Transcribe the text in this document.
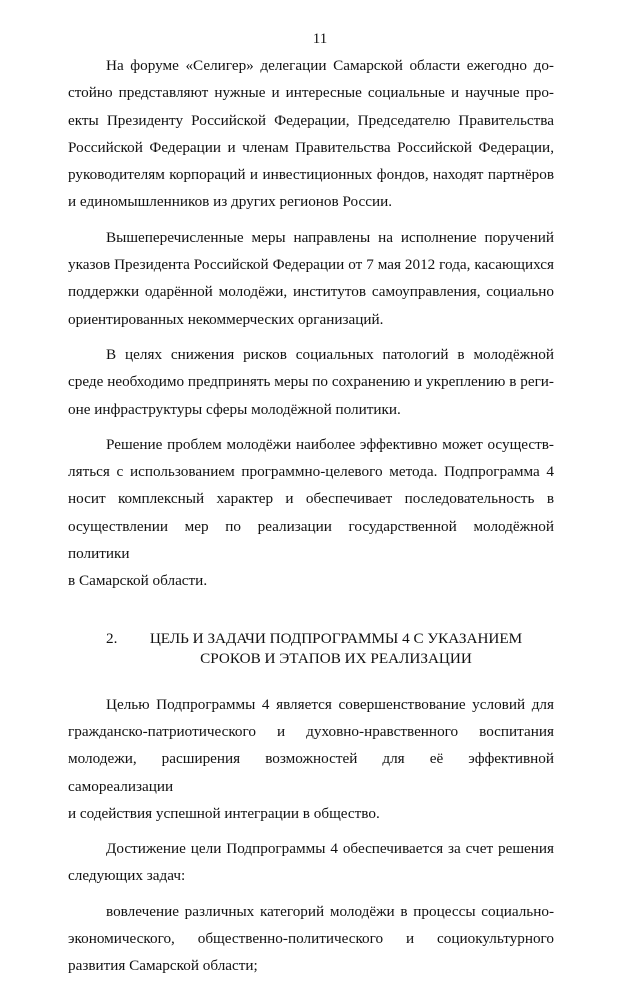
11
На форуме «Селигер» делегации Самарской области ежегодно до-
стойно представляют нужные и интересные социальные и научные про-
екты Президенту Российской Федерации, Председателю Правительства
Российской Федерации и членам Правительства Российской Федерации,
руководителям корпораций и инвестиционных фондов, находят партнёров
и единомышленников из других регионов России.
Вышеперечисленные меры направлены на исполнение поручений
указов Президента Российской Федерации от 7 мая 2012 года, касающихся
поддержки одарённой молодёжи, институтов самоуправления, социально
ориентированных некоммерческих организаций.
В целях снижения рисков социальных патологий в молодёжной
среде необходимо предпринять меры по сохранению и укреплению в реги-
оне инфраструктуры сферы молодёжной политики.
Решение проблем молодёжи наиболее эффективно может осуществ-
ляться с использованием программно-целевого метода. Подпрограмма 4
носит комплексный характер и обеспечивает последовательность в
осуществлении мер по реализации государственной молодёжной политики
в Самарской области.
2.	ЦЕЛЬ И ЗАДАЧИ ПОДПРОГРАММЫ 4 С УКАЗАНИЕМ
СРОКОВ И ЭТАПОВ ИХ РЕАЛИЗАЦИИ
Целью Подпрограммы 4 является совершенствование условий для
гражданско-патриотического и духовно-нравственного воспитания
молодежи, расширения возможностей для её эффективной самореализации
и содействия успешной интеграции в общество.
Достижение цели Подпрограммы 4 обеспечивается за счет решения
следующих задач:
вовлечение различных категорий молодёжи в процессы социально-
экономического, общественно-политического и социокультурного
развития Самарской области;
